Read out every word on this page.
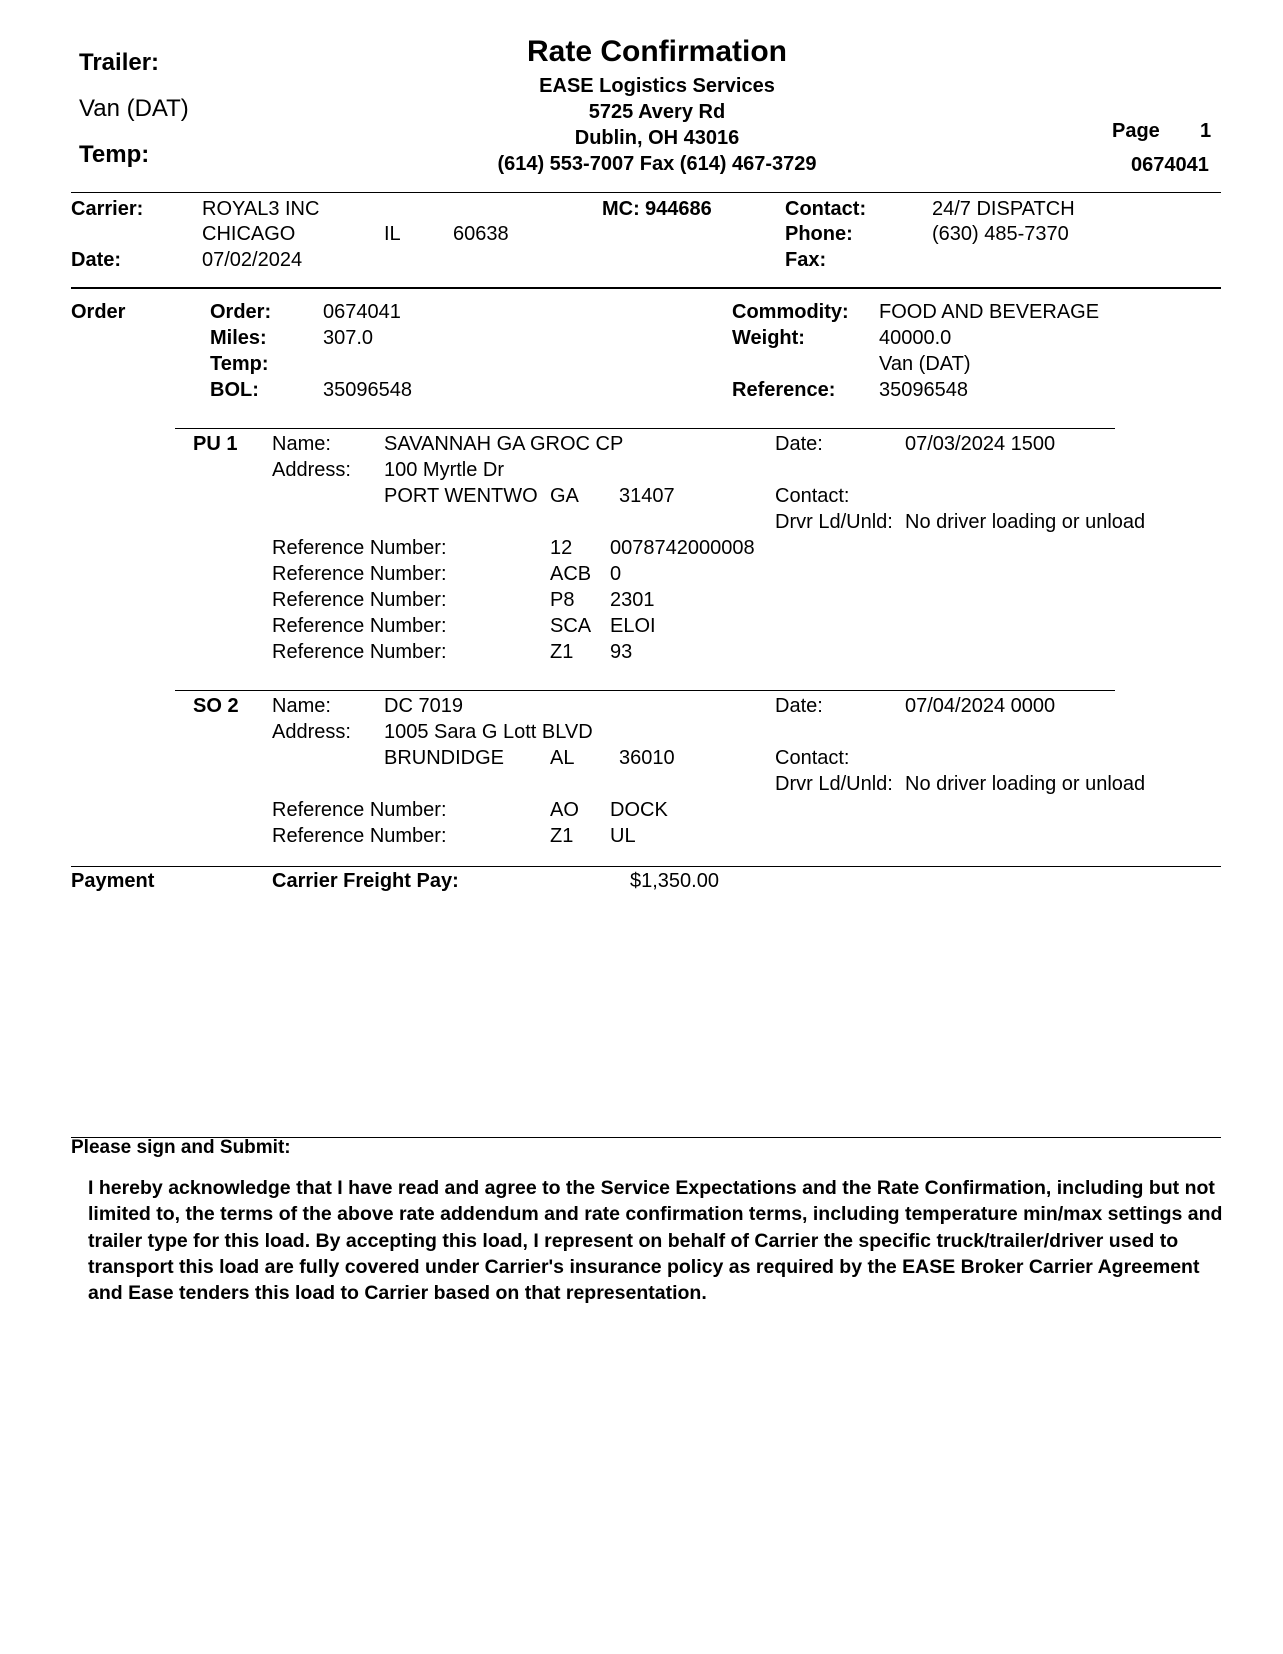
Trailer:
Van (DAT)
Temp:
Rate Confirmation
EASE Logistics Services
5725 Avery Rd
Dublin, OH 43016
(614) 553-7007 Fax (614) 467-3729
Page 1
0674041
Carrier:	ROYAL3 INC
CHICAGO	IL	60638
Date:	07/02/2024
MC: 944686	Contact:	24/7 DISPATCH
Phone:	(630) 485-7370
Fax:
Order	Order:	0674041
Miles:	307.0
Temp:
BOL:	35096548
Commodity: FOOD AND BEVERAGE
Weight:	40000.0
Van (DAT)
Reference: 35096548
PU 1 Name:	SAVANNAH GA GROC CP
Address: 100 Myrtle Dr
PORT WENTWO GA 31407
Date:	07/03/2024 1500
Contact:
Drvr Ld/Unld: No driver loading or unload
Reference Number:	12 0078742000008
Reference Number:	ACB 0
Reference Number:	P8 2301
Reference Number:	SCA ELOI
Reference Number:	Z1 93
SO 2 Name:	DC 7019
Address: 1005 Sara G Lott BLVD
BRUNDIDGE AL 36010
Date:	07/04/2024 0000
Contact:
Drvr Ld/Unld: No driver loading or unload
Reference Number:	AO DOCK
Reference Number:	Z1 UL
Payment	Carrier Freight Pay:	$1,350.00
Please sign and Submit:
I hereby acknowledge that I have read and agree to the Service Expectations and the Rate Confirmation, including but not limited to, the terms of the above rate addendum and rate confirmation terms, including temperature min/max settings and trailer type for this load. By accepting this load, I represent on behalf of Carrier the specific truck/trailer/driver used to transport this load are fully covered under Carrier's insurance policy as required by the EASE Broker Carrier Agreement and Ease tenders this load to Carrier based on that representation.
